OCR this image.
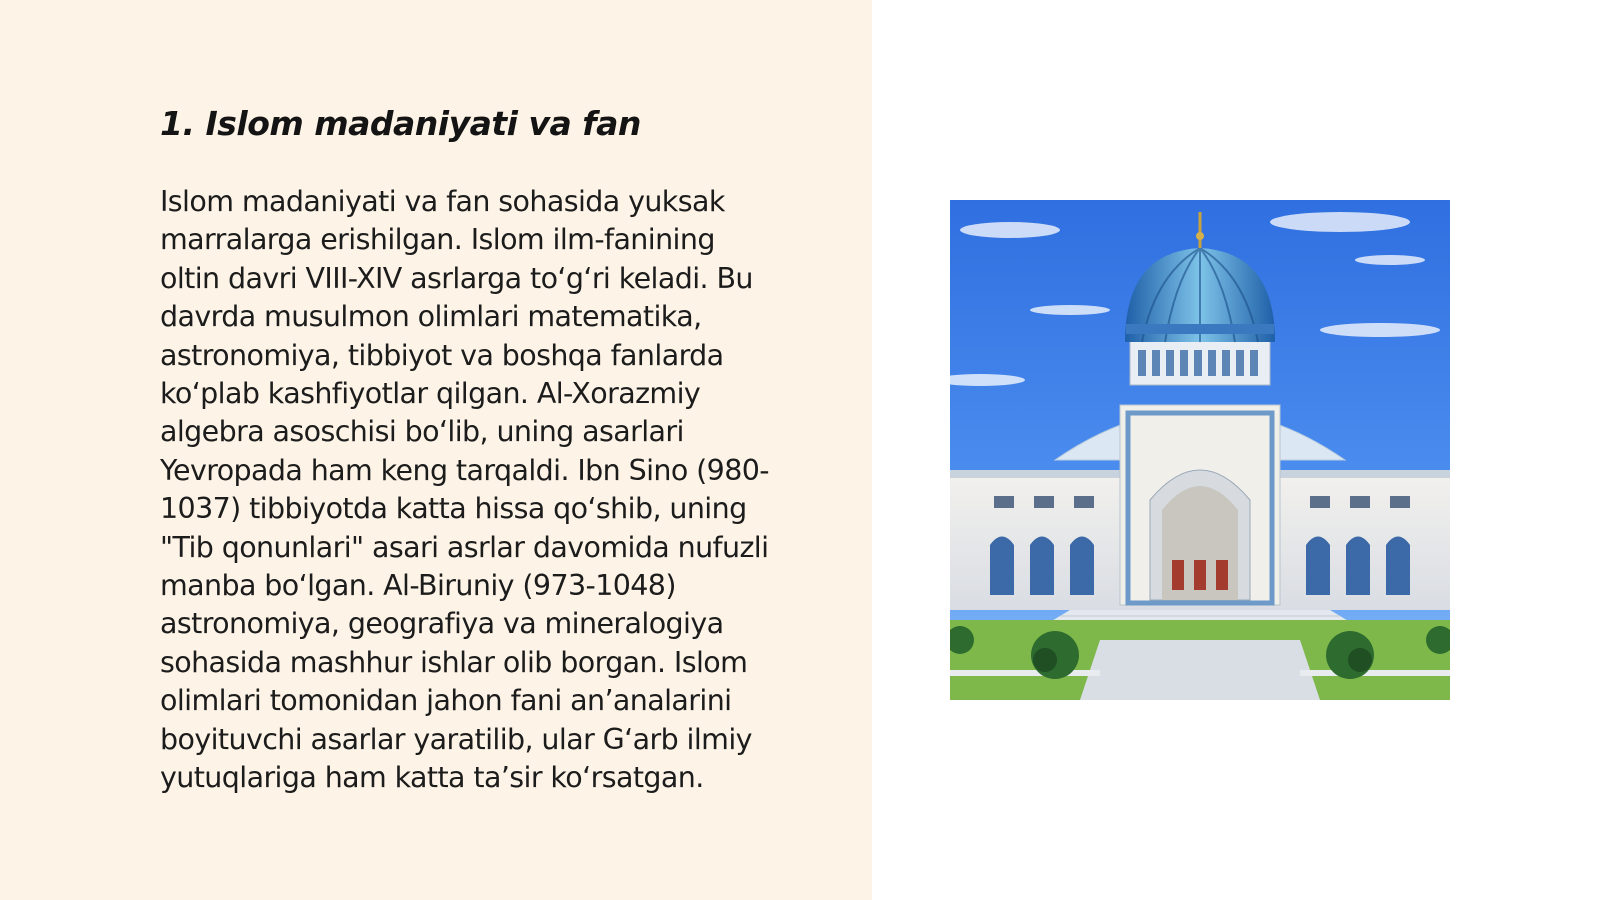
1. Islom madaniyati va fan
Islom madaniyati va fan sohasida yuksak
marralarga erishilgan. Islom ilm-fanining
oltin davri VIII-XIV asrlarga to‘g‘ri keladi. Bu
davrda musulmon olimlari matematika,
astronomiya, tibbiyot va boshqa fanlarda
ko‘plab kashfiyotlar qilgan. Al-Xorazmiy
algebra asoschisi bo‘lib, uning asarlari
Yevropada ham keng tarqaldi. Ibn Sino (980-
1037) tibbiyotda katta hissa qo‘shib, uning
"Tib qonunlari" asari asrlar davomida nufuzli
manba bo‘lgan. Al-Biruniy (973-1048)
astronomiya, geografiya va mineralogiya
sohasida mashhur ishlar olib borgan. Islom
olimlari tomonidan jahon fani an’analarini
boyituvchi asarlar yaratilib, ular G‘arb ilmiy
yutuqlariga ham katta ta’sir ko‘rsatgan.
